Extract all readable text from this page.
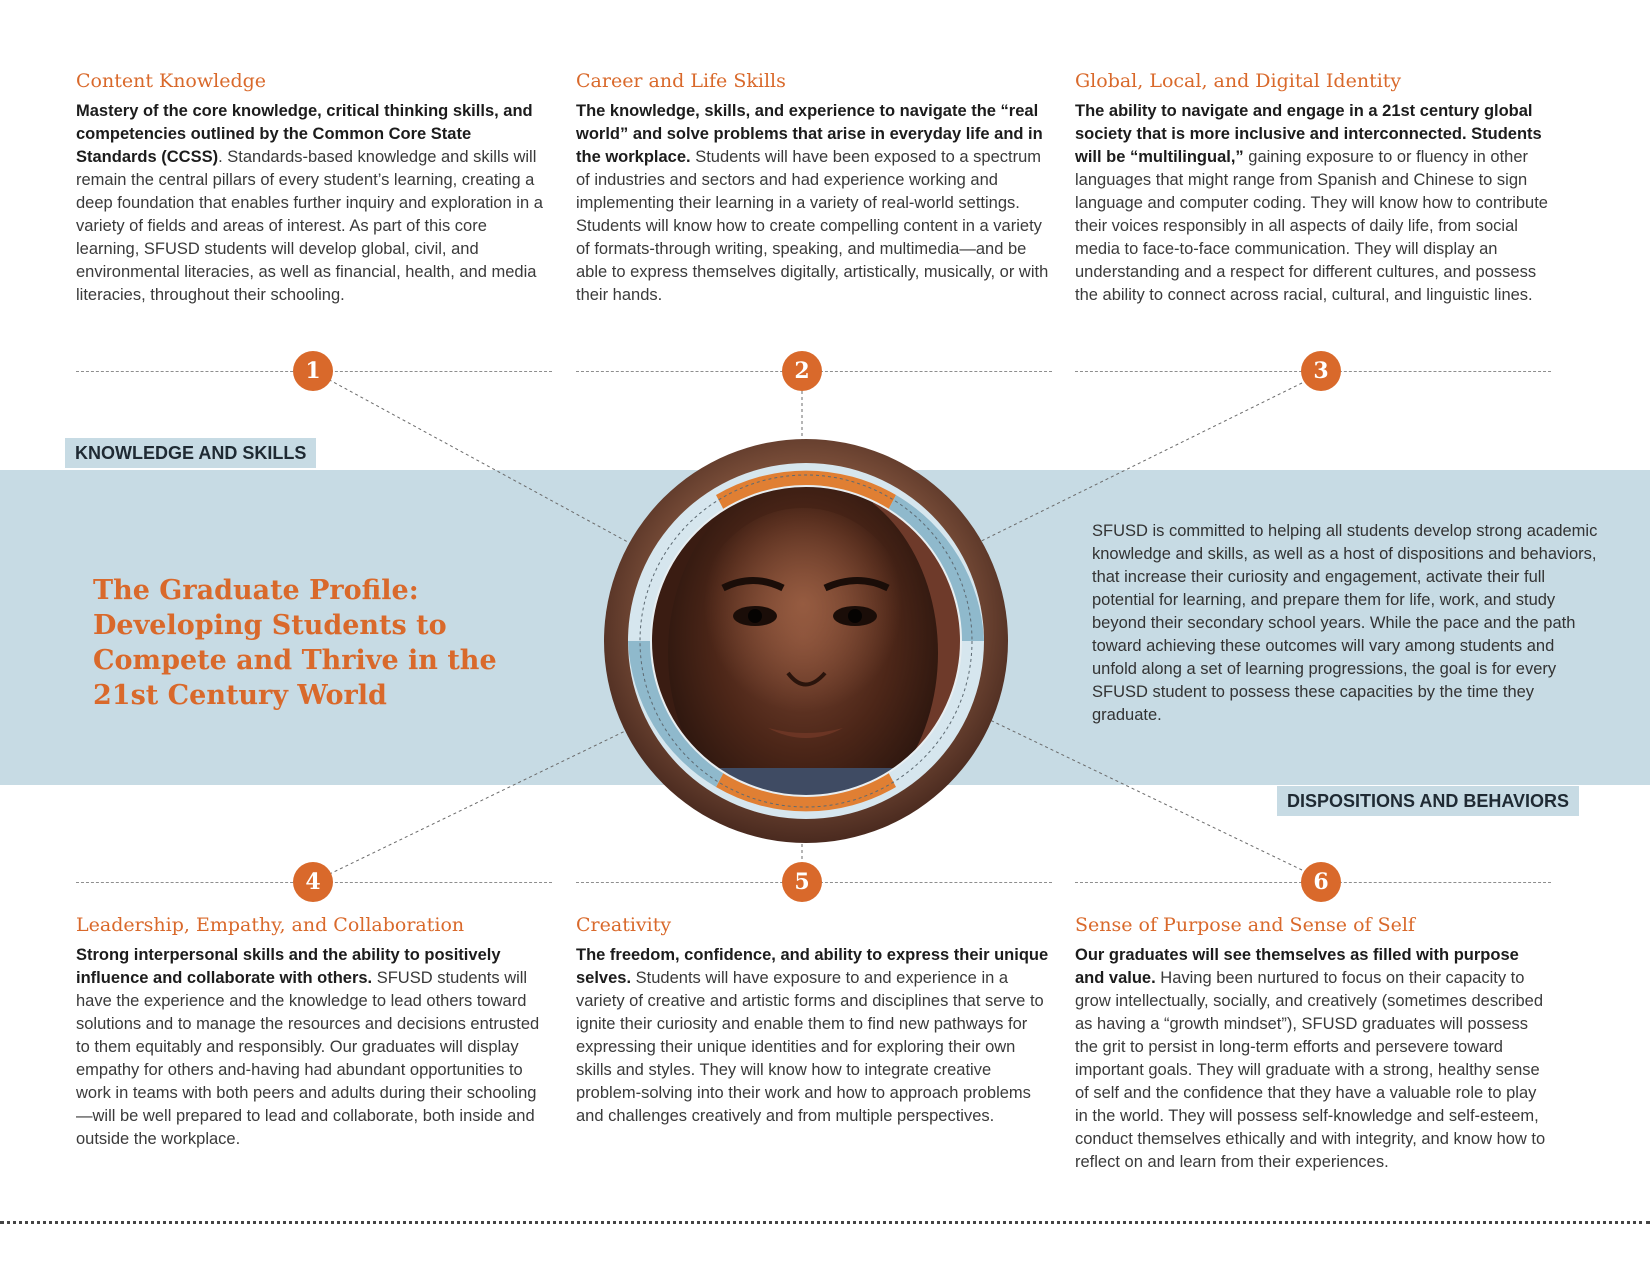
KNOWLEDGE AND SKILLS
DISPOSITIONS AND BEHAVIORS
Content Knowledge

Mastery of the core knowledge, critical thinking skills, and competencies outlined by the Common Core State Standards (CCSS). Standards-based knowledge and skills will remain the central pillars of every student’s learning, creating a deep foundation that enables further inquiry and exploration in a variety of fields and areas of interest. As part of this core learning, SFUSD students will develop global, civil, and environmental literacies, as well as financial, health, and media literacies, throughout their schooling.

Career and Life Skills

The knowledge, skills, and experience to navigate the “real world” and solve problems that arise in everyday life and in the workplace. Students will have been exposed to a spectrum of industries and sectors and had experience working and implementing their learning in a variety of real-world settings. Students will know how to create compelling content in a variety of formats-through writing, speaking, and multimedia—and be able to express themselves digitally, artistically, musically, or with their hands.

Global, Local, and Digital Identity

The ability to navigate and engage in a 21st century global society that is more inclusive and interconnected. Students will be “multilingual,” gaining exposure to or fluency in other languages that might range from Spanish and Chinese to sign language and computer coding. They will know how to contribute their voices responsibly in all aspects of daily life, from social media to face-to-face communication. They will display an understanding and a respect for different cultures, and possess the ability to connect across racial, cultural, and linguistic lines.

1	2	3
The Graduate Profile: Developing Students to Compete and Thrive in the 21st Century World

SFUSD is committed to helping all students develop strong academic knowledge and skills, as well as a host of dispositions and behaviors, that increase their curiosity and engagement, activate their full potential for learning, and prepare them for life, work, and study beyond their secondary school years. While the pace and the path toward achieving these outcomes will vary among students and unfold along a set of learning progressions, the goal is for every SFUSD student to possess these capacities by the time they graduate.

4	5	6
Leadership, Empathy, and Collaboration

Strong interpersonal skills and the ability to positively influence and collaborate with others. SFUSD students will have the experience and the knowledge to lead others toward solutions and to manage the resources and decisions entrusted to them equitably and responsibly. Our graduates will display empathy for others and-having had abundant opportunities to work in teams with both peers and adults during their schooling—will be well prepared to lead and collaborate, both inside and outside the workplace.

Creativity

The freedom, confidence, and ability to express their unique selves. Students will have exposure to and experience in a variety of creative and artistic forms and disciplines that serve to ignite their curiosity and enable them to find new pathways for expressing their unique identities and for exploring their own skills and styles. They will know how to integrate creative problem-solving into their work and how to approach problems and challenges creatively and from multiple perspectives.

Sense of Purpose and Sense of Self

Our graduates will see themselves as filled with purpose and value. Having been nurtured to focus on their capacity to grow intellectually, socially, and creatively (sometimes described as having a “growth mindset”), SFUSD graduates will possess the grit to persist in long-term efforts and persevere toward important goals. They will graduate with a strong, healthy sense of self and the confidence that they have a valuable role to play in the world. They will possess self-knowledge and self-esteem, conduct themselves ethically and with integrity, and know how to reflect on and learn from their experiences.
